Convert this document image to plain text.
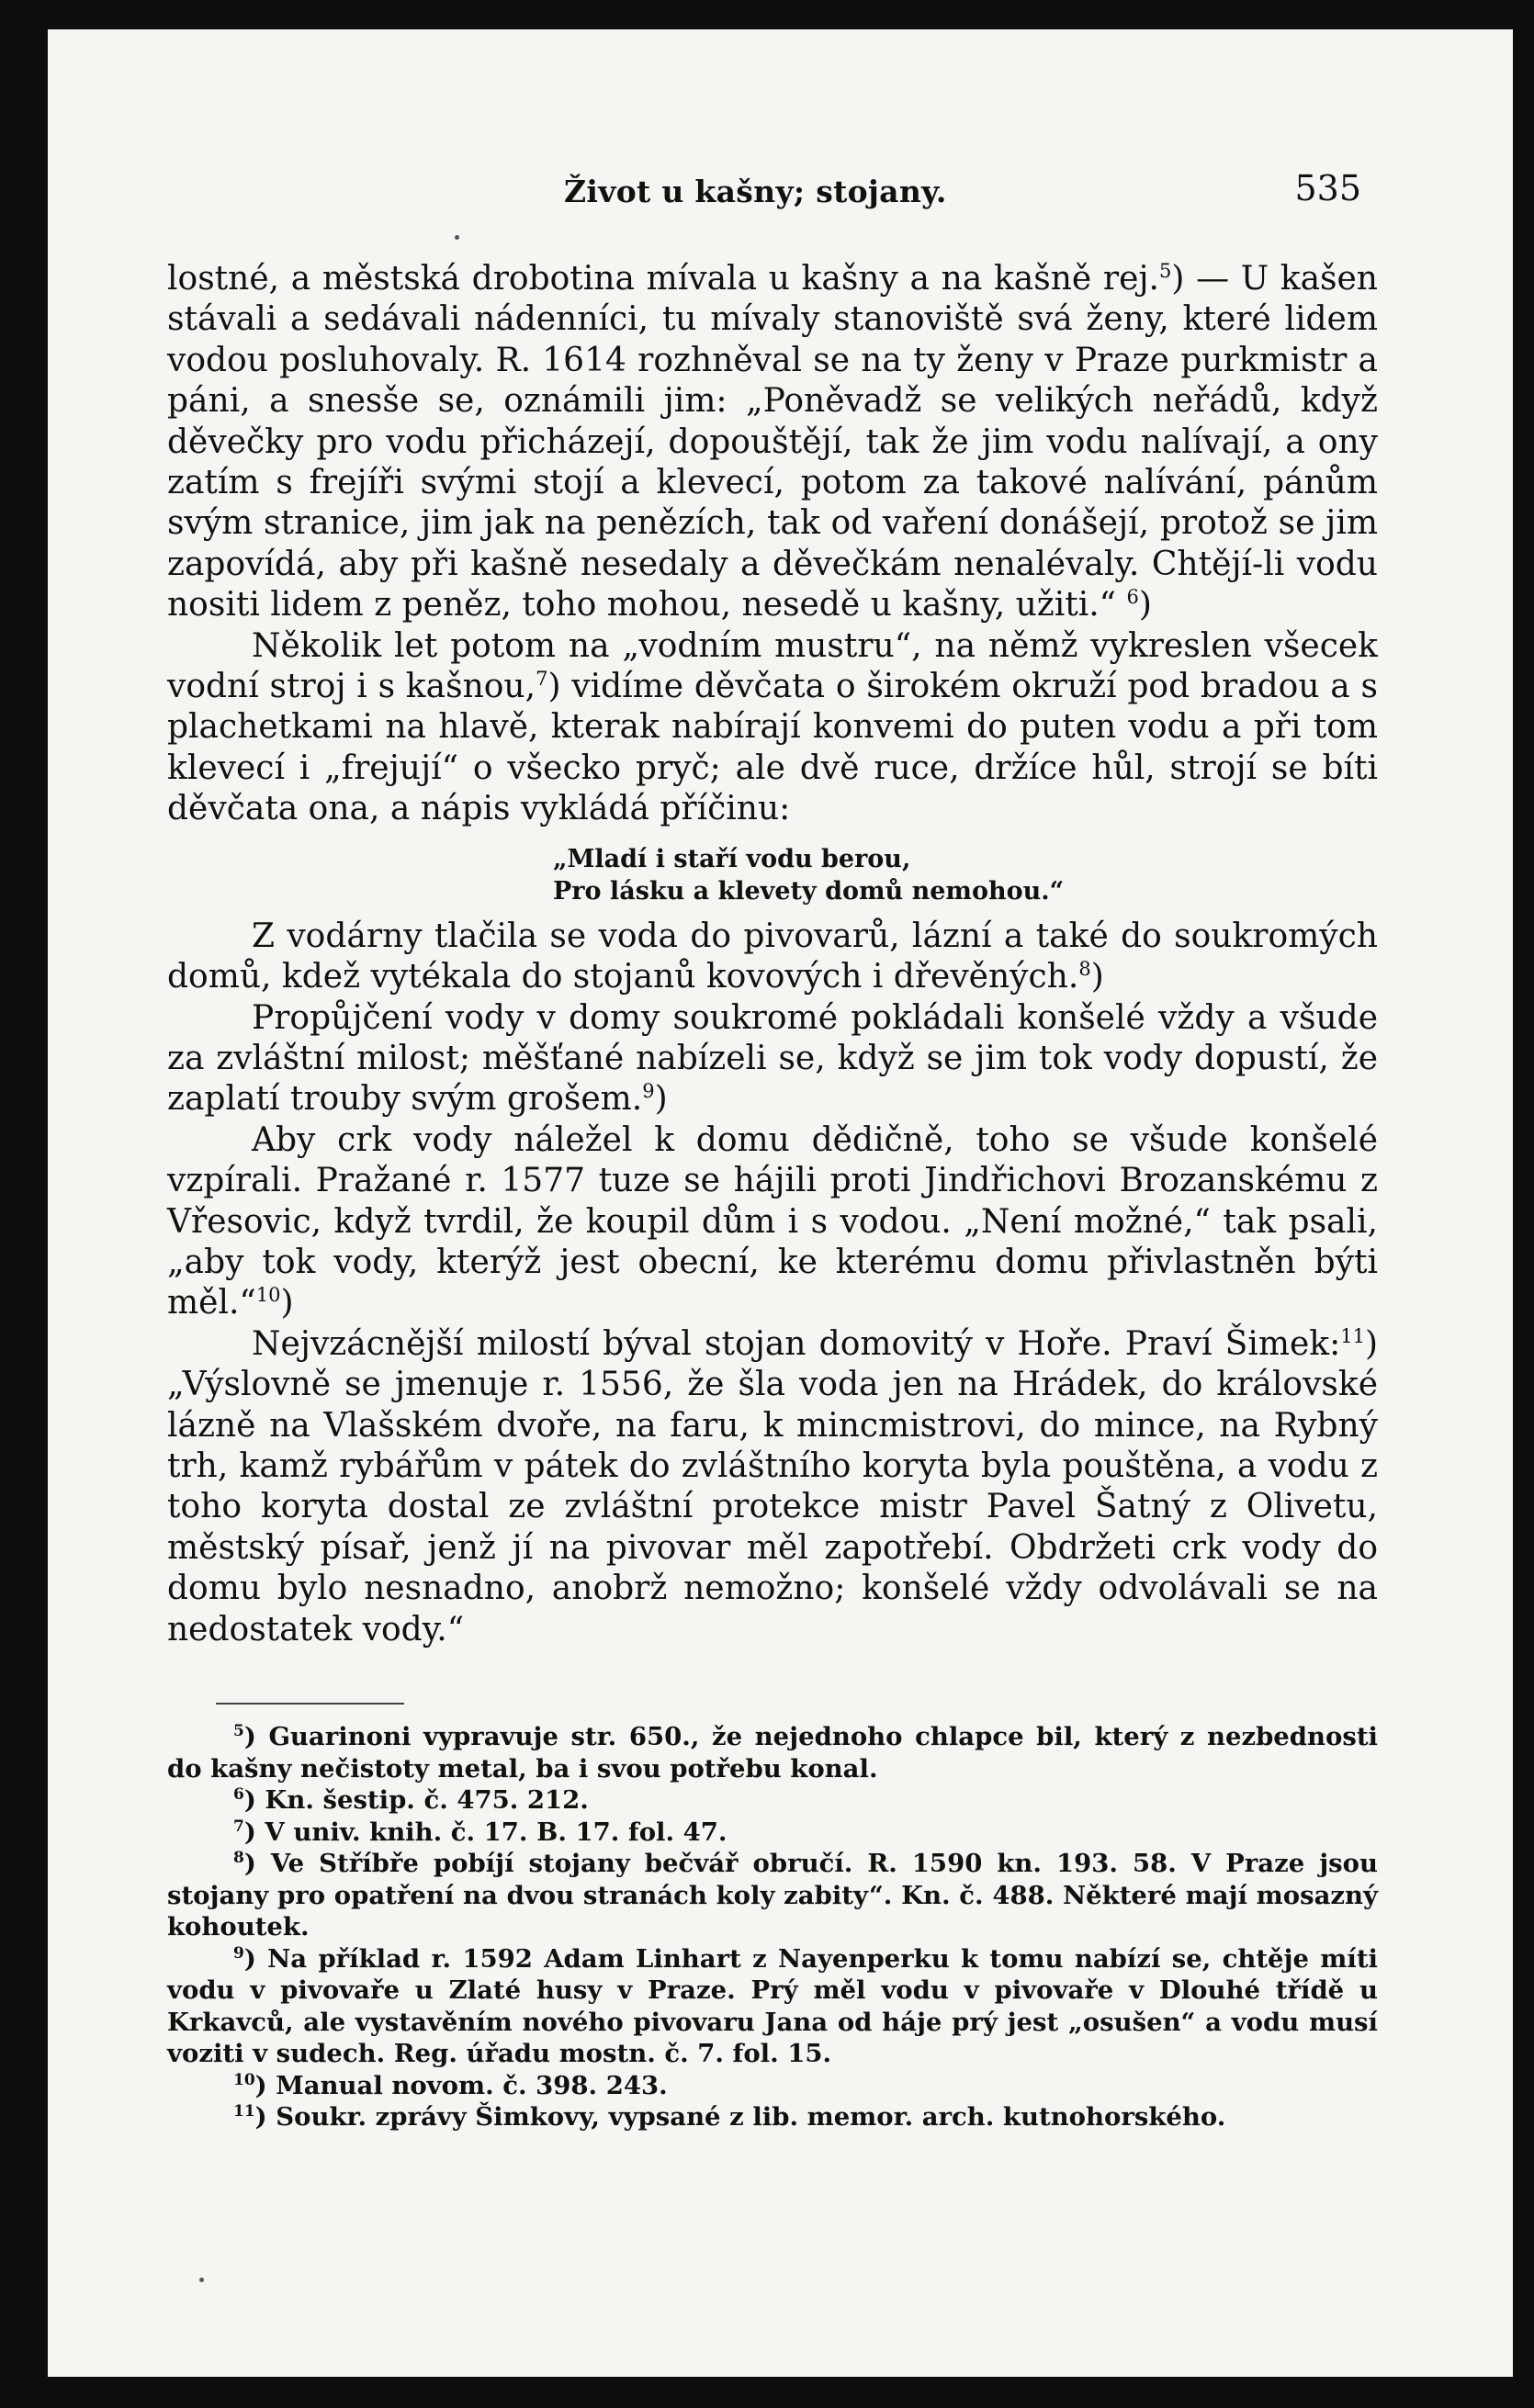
Život u kašny; stojany.	535

lostné, a městská drobotina mívala u kašny a na kašně rej.$^5$) — U kašen stávali a sedávali nádenníci, tu mívaly stanoviště svá ženy, které lidem vodou posluhovaly. R. 1614 rozhněval se na ty ženy v Praze purkmistr a páni, a snesše se, oznámili jim: „Poněvadž se velikých neřádů, když děvečky pro vodu přicházejí, dopouštějí, tak že jim vodu nalívají, a ony zatím s frejíři svými stojí a klevecí, potom za takové nalívání, pánům svým stranice, jim jak na penězích, tak od vaření donášejí, protož se jim zapovídá, aby při kašně nesedaly a děvečkám nenalévaly. Chtějí-li vodu nositi lidem z peněz, toho mohou, nesedě u kašny, užiti.“ $^6$)

Několik let potom na „vodním mustru“, na němž vykreslen všecek vodní stroj i s kašnou,$^7$) vidíme děvčata o širokém okruží pod bradou a s plachetkami na hlavě, kterak nabírají konvemi do puten vodu a při tom klevecí i „frejují“ o všecko pryč; ale dvě ruce, držíce hůl, strojí se bíti děvčata ona, a nápis vykládá příčinu:

„Mladí i staří vodu berou,
Pro lásku a klevety domů nemohou.“

Z vodárny tlačila se voda do pivovarů, lázní a také do soukromých domů, kdež vytékala do stojanů kovových i dřevěných.$^8$)

Propůjčení vody v domy soukromé pokládali konšelé vždy a všude za zvláštní milost; měšťané nabízeli se, když se jim tok vody dopustí, že zaplatí trouby svým grošem.$^9$)

Aby crk vody náležel k domu dědičně, toho se všude konšelé vzpírali. Pražané r. 1577 tuze se hájili proti Jindřichovi Brozanskému z Vřesovic, když tvrdil, že koupil dům i s vodou. „Není možné,“ tak psali, „aby tok vody, kterýž jest obecní, ke kterému domu přivlastněn býti měl.“$^{10}$)

Nejvzácnější milostí býval stojan domovitý v Hoře. Praví Šimek:$^{11}$) „Výslovně se jmenuje r. 1556, že šla voda jen na Hrádek, do královské lázně na Vlašském dvoře, na faru, k mincmistrovi, do mince, na Rybný trh, kamž rybářům v pátek do zvláštního koryta byla pouštěna, a vodu z toho koryta dostal ze zvláštní protekce mistr Pavel Šatný z Olivetu, městský písař, jenž jí na pivovar měl zapotřebí. Obdržeti crk vody do domu bylo nesnadno, anobrž nemožno; konšelé vždy odvolávali se na nedostatek vody.“

$^5$) Guarinoni vypravuje str. 650., že nejednoho chlapce bil, který z nezbednosti do kašny nečistoty metal, ba i svou potřebu konal.

$^6$) Kn. šestip. č. 475. 212.

$^7$) V univ. knih. č. 17. B. 17. fol. 47.

$^8$) Ve Stříbře pobíjí stojany bečvář obručí. R. 1590 kn. 193. 58. V Praze jsou stojany pro opatření na dvou stranách koly zabity“. Kn. č. 488. Některé mají mosazný kohoutek.

$^9$) Na příklad r. 1592 Adam Linhart z Nayenperku k tomu nabízí se, chtěje míti vodu v pivovaře u Zlaté husy v Praze. Prý měl vodu v pivovaře v Dlouhé třídě u Krkavců, ale vystavěním nového pivovaru Jana od háje prý jest „osušen“ a vodu musí voziti v sudech. Reg. úřadu mostn. č. 7. fol. 15.

$^{10}$) Manual novom. č. 398. 243.

$^{11}$) Soukr. zprávy Šimkovy, vypsané z lib. memor. arch. kutnohorského.
